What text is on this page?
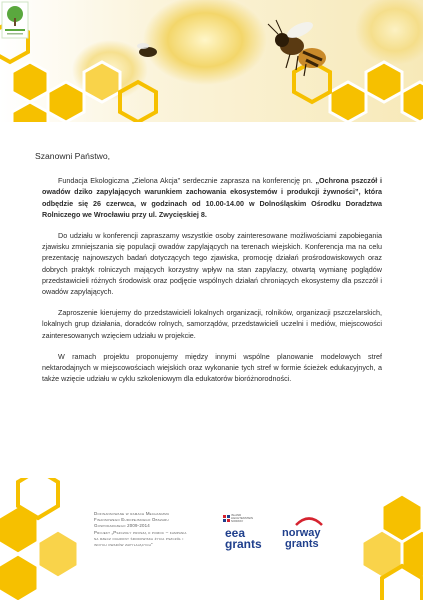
Szanowni Państwo,

Fundacja Ekologiczna „Zielona Akcja” serdecznie zaprasza na konferencję pn. „Ochrona pszczół i owadów dziko zapylających warunkiem zachowania ekosystemów i produkcji żywności”, która odbędzie się 26 czerwca, w godzinach od 10.00-14.00 w Dolnośląskim Ośrodku Doradztwa Rolniczego we Wrocławiu przy ul. Zwycięskiej 8.

Do udziału w konferencji zapraszamy wszystkie osoby zainteresowane możliwościami zapobiegania zjawisku zmniejszania się populacji owadów zapylających na terenach wiejskich. Konferencja ma na celu prezentację najnowszych badań dotyczących tego zjawiska, promocję działań prośrodowiskowych oraz dobrych praktyk rolniczych mających korzystny wpływ na stan zapylaczy, otwartą wymianę poglądów przedstawicieli różnych środowisk oraz podjęcie wspólnych działań chroniących ekosystemy dla pszczół i owadów zapylających.

Zaproszenie kierujemy do przedstawicieli lokalnych organizacji, rolników, organizacji pszczelarskich, lokalnych grup działania, doradców rolnych, samorządów, przedstawicieli uczelni i mediów, miejscowości zainteresowanych wzięciem udziału w projekcie.

W ramach projektu proponujemy między innymi wspólne planowanie modelowych stref nektarodajnych w miejscowościach wiejskich oraz wykonanie tych stref w formie ścieżek edukacyjnych, a także wzięcie udziału w cyklu szkoleniowym dla edukatorów bioróżnorodności.

Dofinansowane w ramach Mechanizmu
Finansowego Europejskiego Obszaru
Gospodarczego 2009-2014
Projekt „Pszczoły proszą o pomoc – kampania
na rzecz ochrony środowiska życia pszczół i
innych owadów zapylających”
ISLAND
LIECHTENSTEIN
NORWAY
eea
grants
norway
grants
